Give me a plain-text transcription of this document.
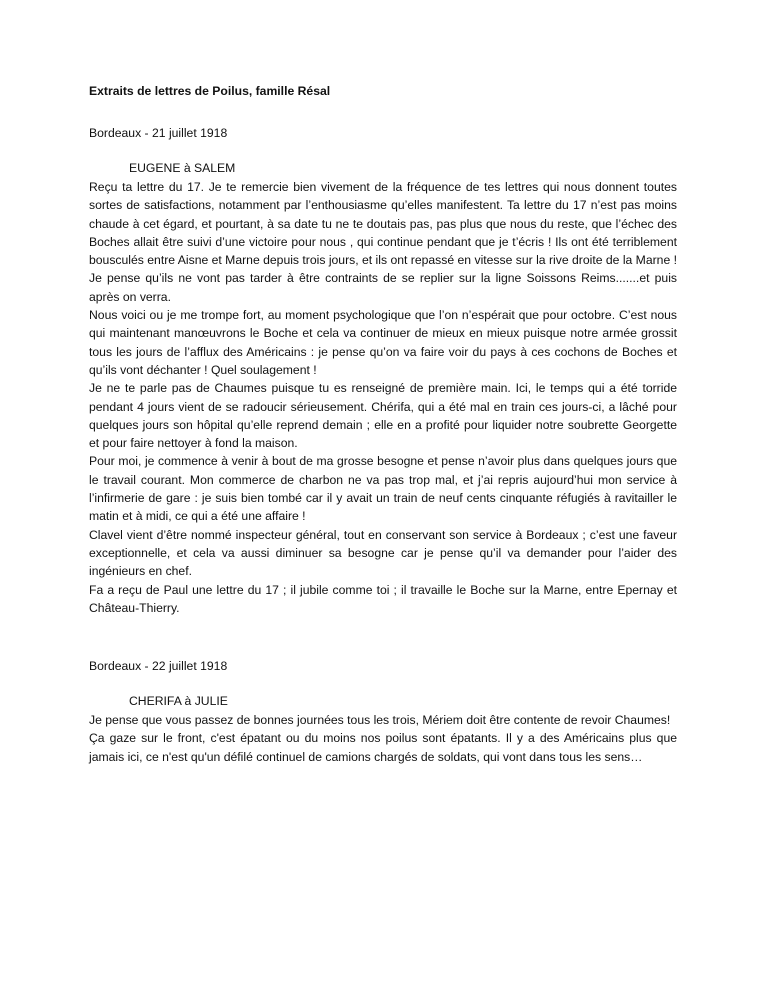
Extraits de lettres de Poilus, famille Résal

Bordeaux - 21 juillet 1918

EUGENE à SALEM

Reçu ta lettre du 17. Je te remercie bien vivement de la fréquence de tes lettres qui nous donnent toutes sortes de satisfactions, notamment par l’enthousiasme qu’elles manifestent. Ta lettre du 17 n’est pas moins chaude à cet égard, et pourtant, à sa date tu ne te doutais pas, pas plus que nous du reste, que l’échec des Boches allait être suivi d’une victoire pour nous , qui continue pendant que je t’écris ! Ils ont été terriblement bousculés entre Aisne et Marne depuis trois jours, et ils ont repassé en vitesse sur la rive droite de la Marne ! Je pense qu’ils ne vont pas tarder à être contraints de se replier sur la ligne Soissons Reims.......et puis après on verra.

Nous voici ou je me trompe fort, au moment psychologique que l’on n’espérait que pour octobre. C’est nous qui maintenant manœuvrons le Boche et cela va continuer de mieux en mieux puisque notre armée grossit tous les jours de l’afflux des Américains : je pense qu’on va faire voir du pays à ces cochons de Boches et qu’ils vont déchanter ! Quel soulagement !

Je ne te parle pas de Chaumes puisque tu es renseigné de première main. Ici, le temps qui a été torride pendant 4 jours vient de se radoucir sérieusement. Chérifa, qui a été mal en train ces jours-ci, a lâché pour quelques jours son hôpital qu’elle reprend demain ; elle en a profité pour liquider notre soubrette Georgette et pour faire nettoyer à fond la maison.

Pour moi, je commence à venir à bout de ma grosse besogne et pense n’avoir plus dans quelques jours que le travail courant. Mon commerce de charbon ne va pas trop mal, et j’ai repris aujourd’hui mon service à l’infirmerie de gare : je suis bien tombé car il y avait un train de neuf cents cinquante réfugiés à ravitailler le matin et à midi, ce qui a été une affaire !

Clavel vient d’être nommé inspecteur général, tout en conservant son service à Bordeaux ; c’est une faveur exceptionnelle, et cela va aussi diminuer sa besogne car je pense qu’il va demander pour l’aider des ingénieurs en chef.

Fa a reçu de Paul une lettre du 17 ; il jubile comme toi ; il travaille le Boche sur la Marne, entre Epernay et Château-Thierry.

Bordeaux - 22 juillet 1918

CHERIFA à JULIE

Je pense que vous passez de bonnes journées tous les trois, Mériem doit être contente de revoir Chaumes!

Ça gaze sur le front, c'est épatant ou du moins nos poilus sont épatants. Il y a des Américains plus que jamais ici, ce n'est qu'un défilé continuel de camions chargés de soldats, qui vont dans tous les sens…
